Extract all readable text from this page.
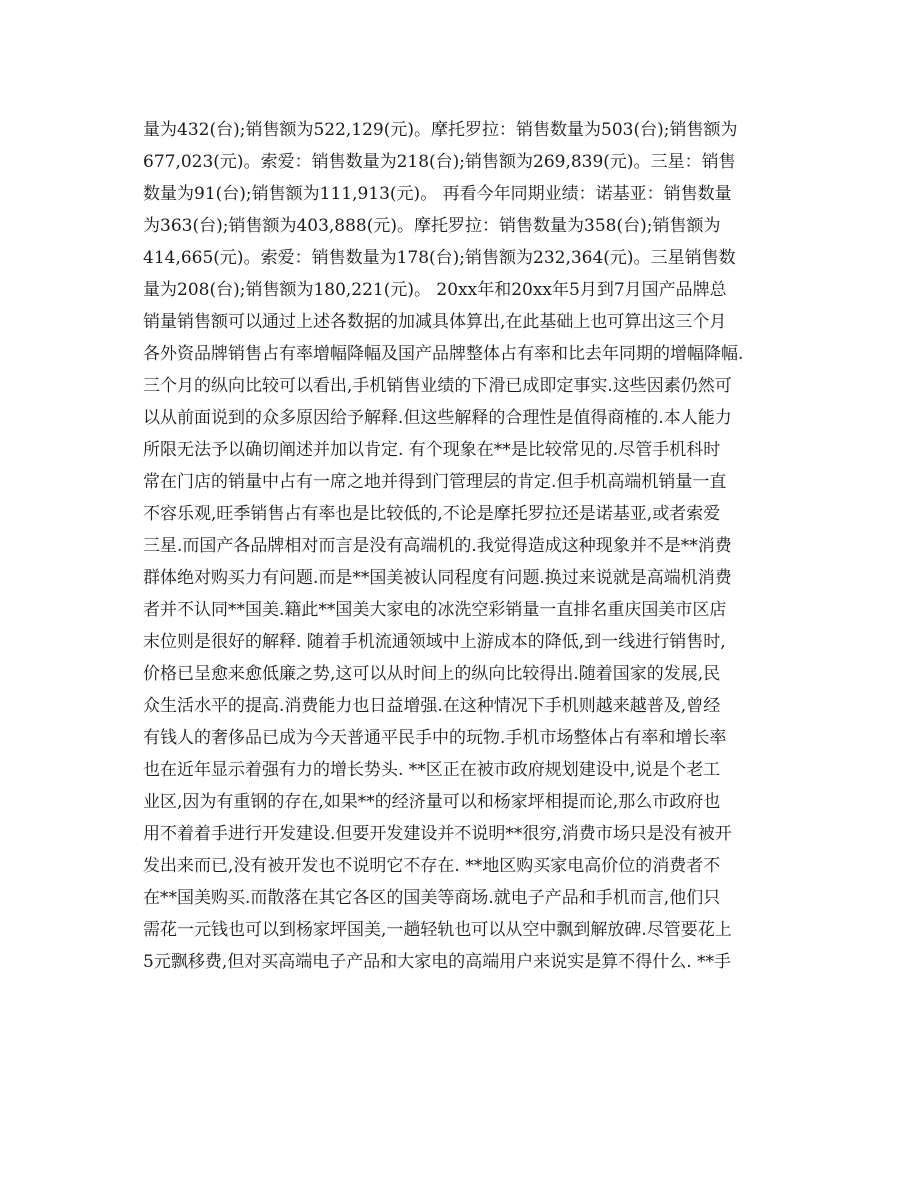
量为432(台);销售额为522,129(元)。摩托罗拉：销售数量为503(台);销售额为
677,023(元)。索爱：销售数量为218(台);销售额为269,839(元)。三星：销售
数量为91(台);销售额为111,913(元)。 再看今年同期业绩：诺基亚：销售数量
为363(台);销售额为403,888(元)。摩托罗拉：销售数量为358(台);销售额为
414,665(元)。索爱：销售数量为178(台);销售额为232,364(元)。三星销售数
量为208(台);销售额为180,221(元)。 20xx年和20xx年5月到7月国产品牌总
销量销售额可以通过上述各数据的加减具体算出,在此基础上也可算出这三个月
各外资品牌销售占有率增幅降幅及国产品牌整体占有率和比去年同期的增幅降幅.
三个月的纵向比较可以看出,手机销售业绩的下滑已成即定事实.这些因素仍然可
以从前面说到的众多原因给予解释.但这些解释的合理性是值得商榷的.本人能力
所限无法予以确切阐述并加以肯定. 有个现象在**是比较常见的.尽管手机科时
常在门店的销量中占有一席之地并得到门管理层的肯定.但手机高端机销量一直
不容乐观,旺季销售占有率也是比较低的,不论是摩托罗拉还是诺基亚,或者索爱
三星.而国产各品牌相对而言是没有高端机的.我觉得造成这种现象并不是**消费
群体绝对购买力有问题.而是**国美被认同程度有问题.换过来说就是高端机消费
者并不认同**国美.籍此**国美大家电的冰洗空彩销量一直排名重庆国美市区店
末位则是很好的解释. 随着手机流通领域中上游成本的降低,到一线进行销售时,
价格已呈愈来愈低廉之势,这可以从时间上的纵向比较得出.随着国家的发展,民
众生活水平的提高.消费能力也日益增强.在这种情况下手机则越来越普及,曾经
有钱人的奢侈品已成为今天普通平民手中的玩物.手机市场整体占有率和增长率
也在近年显示着强有力的增长势头. **区正在被市政府规划建设中,说是个老工
业区,因为有重钢的存在,如果**的经济量可以和杨家坪相提而论,那么市政府也
用不着着手进行开发建设.但要开发建设并不说明**很穷,消费市场只是没有被开
发出来而已,没有被开发也不说明它不存在. **地区购买家电高价位的消费者不
在**国美购买.而散落在其它各区的国美等商场.就电子产品和手机而言,他们只
需花一元钱也可以到杨家坪国美,一趟轻轨也可以从空中飘到解放碑.尽管要花上
5元飘移费,但对买高端电子产品和大家电的高端用户来说实是算不得什么. **手
